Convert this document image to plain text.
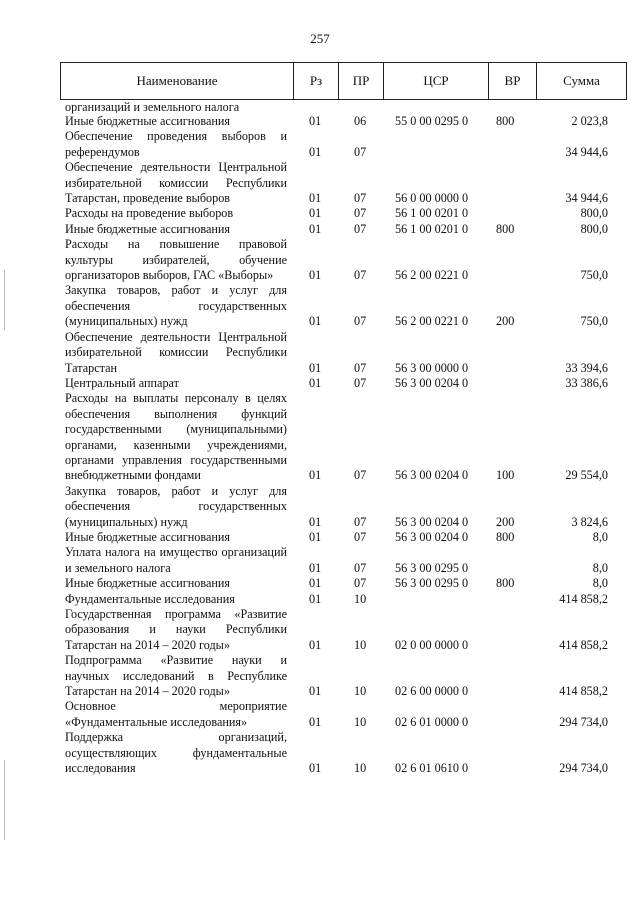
257
Наименование	Рз	ПР	ЦСР	ВР	Сумма
организаций и земельного налога					
Иные бюджетные ассигнования	01	06	55 0 00 0295 0	800	2 023,8
Обеспечение проведения выборов и референдумов	01	07			34 944,6
Обеспечение деятельности Центральной избирательной комиссии Республики Татарстан, проведение выборов	01	07	56 0 00 0000 0		34 944,6
Расходы на проведение выборов	01	07	56 1 00 0201 0		800,0
Иные бюджетные ассигнования	01	07	56 1 00 0201 0	800	800,0
Расходы на повышение правовой культуры избирателей, обучение организаторов выборов, ГАС «Выборы»	01	07	56 2 00 0221 0		750,0
Закупка товаров, работ и услуг для обеспечения государственных (муниципальных) нужд	01	07	56 2 00 0221 0	200	750,0
Обеспечение деятельности Центральной избирательной комиссии Республики Татарстан	01	07	56 3 00 0000 0		33 394,6
Центральный аппарат	01	07	56 3 00 0204 0		33 386,6
Расходы на выплаты персоналу в целях обеспечения выполнения функций государственными (муниципальными) органами, казенными учреждениями, органами управления государственными внебюджетными фондами	01	07	56 3 00 0204 0	100	29 554,0
Закупка товаров, работ и услуг для обеспечения государственных (муниципальных) нужд	01	07	56 3 00 0204 0	200	3 824,6
Иные бюджетные ассигнования	01	07	56 3 00 0204 0	800	8,0
Уплата налога на имущество организаций и земельного налога	01	07	56 3 00 0295 0		8,0
Иные бюджетные ассигнования	01	07	56 3 00 0295 0	800	8,0
Фундаментальные исследования	01	10			414 858,2
Государственная программа «Развитие образования и науки Республики Татарстан на 2014 – 2020 годы»	01	10	02 0 00 0000 0		414 858,2
Подпрограмма «Развитие науки и научных исследований в Республике Татарстан на 2014 – 2020 годы»	01	10	02 6 00 0000 0		414 858,2
Основное мероприятие «Фундаментальные исследования»	01	10	02 6 01 0000 0		294 734,0
Поддержка организаций, осуществляющих фундаментальные исследования	01	10	02 6 01 0610 0		294 734,0
